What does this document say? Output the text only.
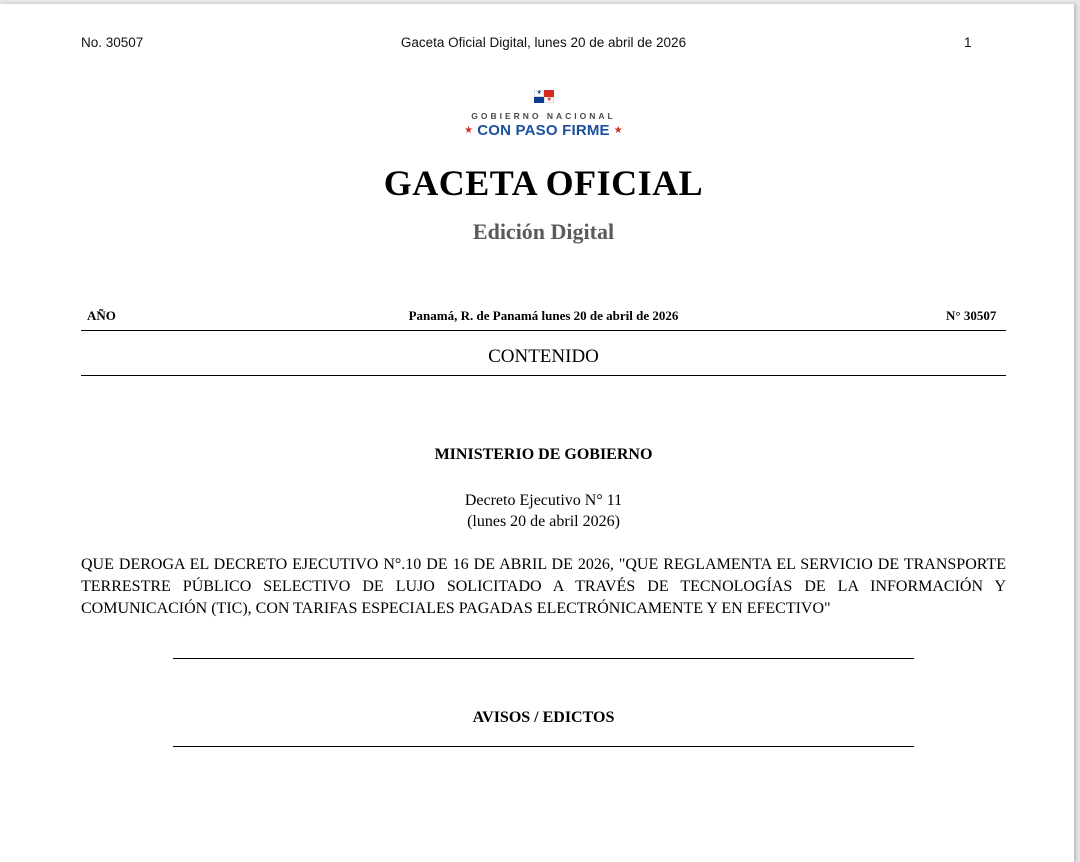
No. 30507	Gaceta Oficial Digital, lunes 20 de abril de 2026	1
★
★
GOBIERNO NACIONAL
★ CON PASO FIRME ★
GACETA OFICIAL
Edición Digital
AÑO	Panamá, R. de Panamá lunes 20 de abril de 2026	N° 30507
CONTENIDO
MINISTERIO DE GOBIERNO
Decreto Ejecutivo N° 11
(lunes 20 de abril 2026)
QUE DEROGA EL DECRETO EJECUTIVO N°.10 DE 16 DE ABRIL DE 2026, "QUE REGLAMENTA EL SERVICIO DE TRANSPORTE TERRESTRE PÚBLICO SELECTIVO DE LUJO SOLICITADO A TRAVÉS DE TECNOLOGÍAS DE LA INFORMACIÓN Y COMUNICACIÓN (TIC), CON TARIFAS ESPECIALES PAGADAS ELECTRÓNICAMENTE Y EN EFECTIVO"
AVISOS / EDICTOS
